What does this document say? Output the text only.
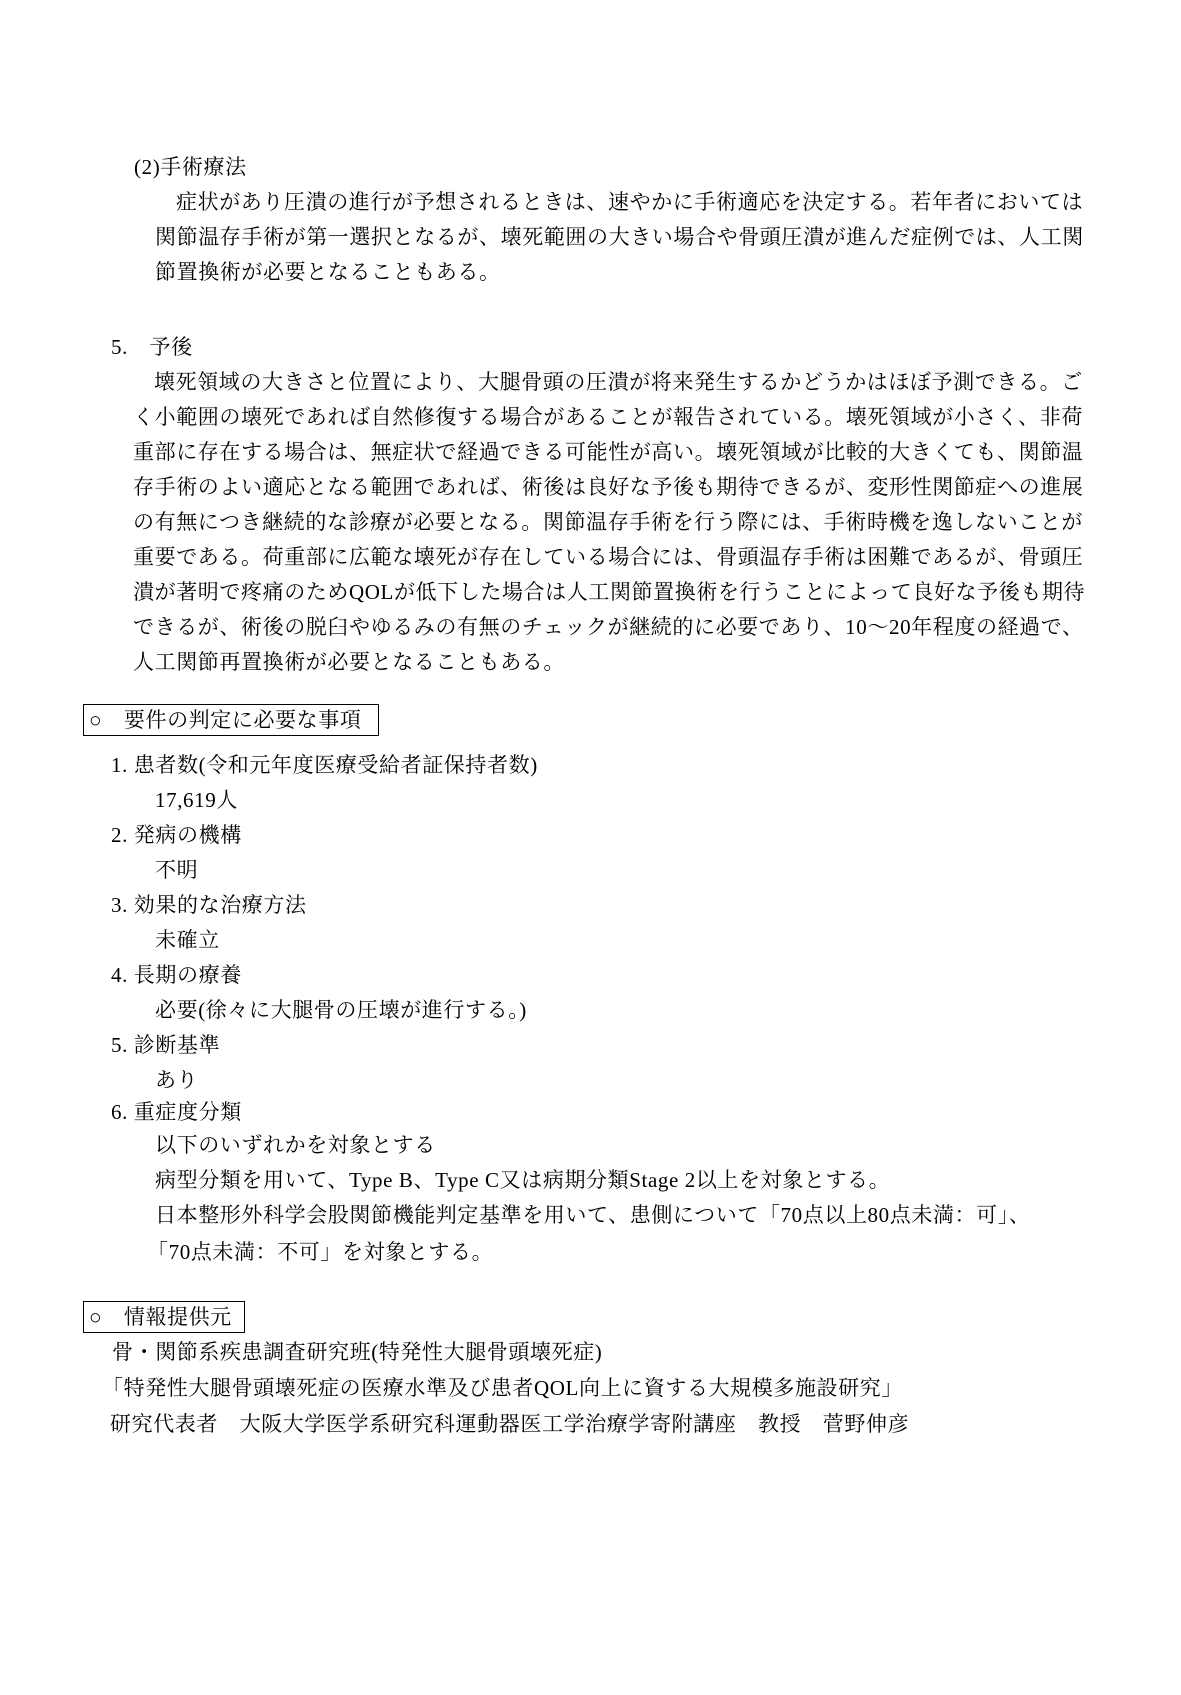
(2)手術療法
症状があり圧潰の進行が予想されるときは、速やかに手術適応を決定する。若年者においては
関節温存手術が第一選択となるが、壊死範囲の大きい場合や骨頭圧潰が進んだ症例では、人工関
節置換術が必要となることもある。
5.　予後
壊死領域の大きさと位置により、大腿骨頭の圧潰が将来発生するかどうかはほぼ予測できる。ご
く小範囲の壊死であれば自然修復する場合があることが報告されている。壊死領域が小さく、非荷
重部に存在する場合は、無症状で経過できる可能性が高い。壊死領域が比較的大きくても、関節温
存手術のよい適応となる範囲であれば、術後は良好な予後も期待できるが、変形性関節症への進展
の有無につき継続的な診療が必要となる。関節温存手術を行う際には、手術時機を逸しないことが
重要である。荷重部に広範な壊死が存在している場合には、骨頭温存手術は困難であるが、骨頭圧
潰が著明で疼痛のためQOLが低下した場合は人工関節置換術を行うことによって良好な予後も期待
できるが、術後の脱臼やゆるみの有無のチェックが継続的に必要であり、10～20年程度の経過で、
人工関節再置換術が必要となることもある。
○　要件の判定に必要な事項
1. 患者数(令和元年度医療受給者証保持者数)
17,619人
2. 発病の機構
不明
3. 効果的な治療方法
未確立
4. 長期の療養
必要(徐々に大腿骨の圧壊が進行する。)
5. 診断基準
あり
6. 重症度分類
以下のいずれかを対象とする
病型分類を用いて、Type B、Type C又は病期分類Stage 2以上を対象とする。
日本整形外科学会股関節機能判定基準を用いて、患側について「70点以上80点未満：可」、
「70点未満：不可」を対象とする。
○　情報提供元
骨・関節系疾患調査研究班(特発性大腿骨頭壊死症)
「特発性大腿骨頭壊死症の医療水準及び患者QOL向上に資する大規模多施設研究」
研究代表者　大阪大学医学系研究科運動器医工学治療学寄附講座　教授　菅野伸彦
